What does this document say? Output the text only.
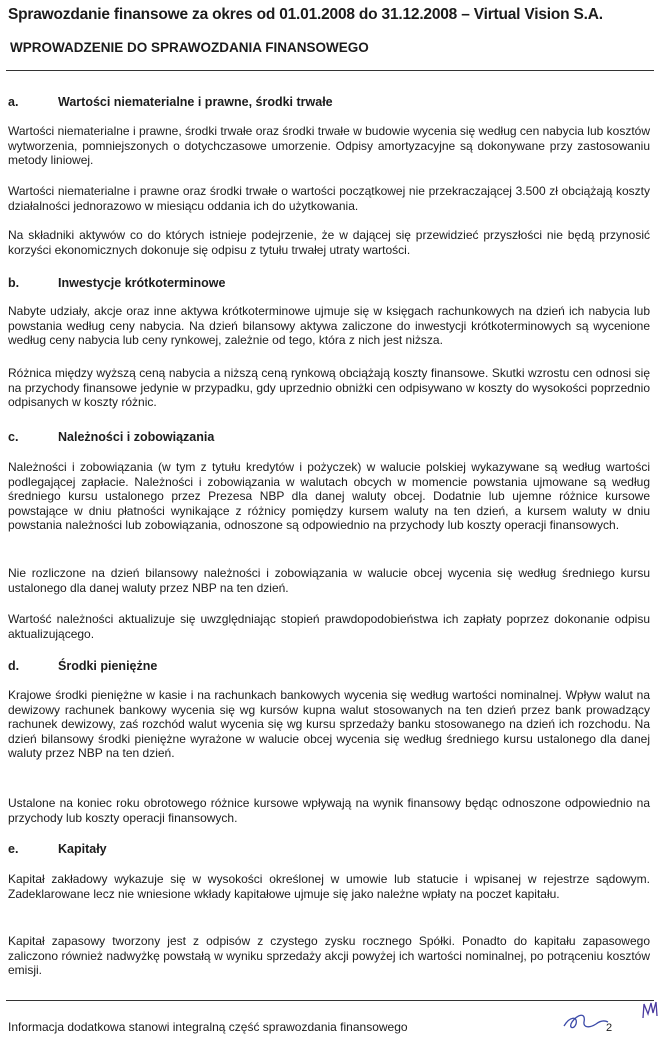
Sprawozdanie finansowe za okres od 01.01.2008 do 31.12.2008 – Virtual Vision S.A.
WPROWADZENIE DO SPRAWOZDANIA FINANSOWEGO
a.	Wartości niematerialne i prawne, środki trwałe

Wartości niematerialne i prawne, środki trwałe oraz środki trwałe w budowie wycenia się według cen nabycia lub kosztów wytworzenia, pomniejszonych o dotychczasowe umorzenie. Odpisy amortyzacyjne są dokonywane przy zastosowaniu metody liniowej.

Wartości niematerialne i prawne oraz środki trwałe o wartości początkowej nie przekraczającej 3.500 zł obciążają koszty działalności jednorazowo w miesiącu oddania ich do użytkowania.

Na składniki aktywów co do których istnieje podejrzenie, że w dającej się przewidzieć przyszłości nie będą przynosić korzyści ekonomicznych dokonuje się odpisu z tytułu trwałej utraty wartości.

b.	Inwestycje krótkoterminowe

Nabyte udziały, akcje oraz inne aktywa krótkoterminowe ujmuje się w księgach rachunkowych na dzień ich nabycia lub powstania według ceny nabycia. Na dzień bilansowy aktywa zaliczone do inwestycji krótkoterminowych są wycenione według ceny nabycia lub ceny rynkowej, zależnie od tego, która z nich jest niższa.

Różnica między wyższą ceną nabycia a niższą ceną rynkową obciążają koszty finansowe. Skutki wzrostu cen odnosi się na przychody finansowe jedynie w przypadku, gdy uprzednio obniżki cen odpisywano w koszty do wysokości poprzednio odpisanych w koszty różnic.

c.	Należności i zobowiązania

Należności i zobowiązania (w tym z tytułu kredytów i pożyczek) w walucie polskiej wykazywane są według wartości podlegającej zapłacie. Należności i zobowiązania w walutach obcych w momencie powstania ujmowane są według średniego kursu ustalonego przez Prezesa NBP dla danej waluty obcej. Dodatnie lub ujemne różnice kursowe powstające w dniu płatności wynikające z różnicy pomiędzy kursem waluty na ten dzień, a kursem waluty w dniu powstania należności lub zobowiązania, odnoszone są odpowiednio na przychody lub koszty operacji finansowych.

Nie rozliczone na dzień bilansowy należności i zobowiązania w walucie obcej wycenia się według średniego kursu ustalonego dla danej waluty przez NBP na ten dzień.

Wartość należności aktualizuje się uwzględniając stopień prawdopodobieństwa ich zapłaty poprzez dokonanie odpisu aktualizującego.

d.	Środki pieniężne

Krajowe środki pieniężne w kasie i na rachunkach bankowych wycenia się według wartości nominalnej. Wpływ walut na dewizowy rachunek bankowy wycenia się wg kursów kupna walut stosowanych na ten dzień przez bank prowadzący rachunek dewizowy, zaś rozchód walut wycenia się wg kursu sprzedaży banku stosowanego na dzień ich rozchodu. Na dzień bilansowy środki pieniężne wyrażone w walucie obcej wycenia się według średniego kursu ustalonego dla danej waluty przez NBP na ten dzień.

Ustalone na koniec roku obrotowego różnice kursowe wpływają na wynik finansowy będąc odnoszone odpowiednio na przychody lub koszty operacji finansowych.

e.	Kapitały

Kapitał zakładowy wykazuje się w wysokości określonej w umowie lub statucie i wpisanej w rejestrze sądowym. Zadeklarowane lecz nie wniesione wkłady kapitałowe ujmuje się jako należne wpłaty na poczet kapitału.

Kapitał zapasowy tworzony jest z odpisów z czystego zysku rocznego Spółki. Ponadto do kapitału zapasowego zaliczono również nadwyżkę powstałą w wyniku sprzedaży akcji powyżej ich wartości nominalnej, po potrąceniu kosztów emisji.

Informacja dodatkowa stanowi integralną część sprawozdania finansowego	2
